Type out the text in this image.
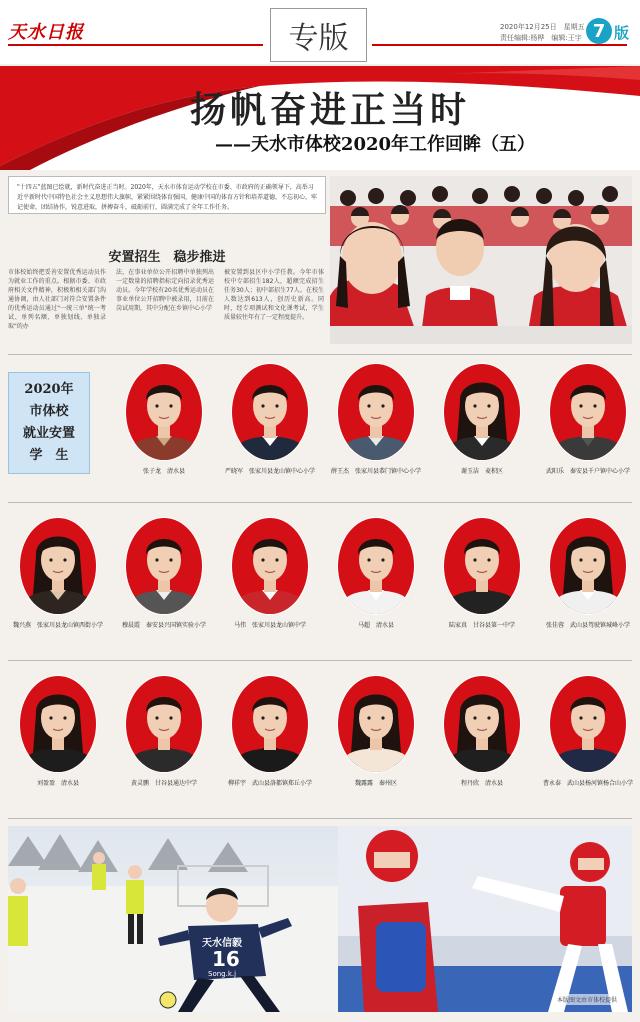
天水日报	专版	2020年12月25日　星期五
责任编辑:杨桦　编辑:王宇 7 版
扬帆奋进正当时
——天水市体校2020年工作回眸（五）
"十四五"蓝图已绘就，新时代奋进正当时。2020年，天水市体育运动学校在市委、市政府的正确领导下，高举习近平新时代中国特色社会主义思想伟大旗帜，紧紧围绕体育强国，健康中国的体育方针和培养道德，不忘初心，牢记使命，团结协作，锐意进取，拼搏奋斗，砥砺前行，圆满完成了全年工作任务。
安置招生　稳步推进
市体校始终把妥善安置优秀运动员作为就业工作的重点。根据市委、市政府相关文件精神，积极和相关部门沟通协调，由人社部门对符合安置条件的优秀运动员通过"一统三单"统一考试、单列名额、单独划线、单独录取"的办
法，在事业单位公开招聘中单独列出一定数量的招聘指标定向招录优秀运动员。今年学校有20名优秀运动员在事业单位公开招聘中被录用，目前在岗试用期，其中分配在乡镇中心小学
被安置到县区中小学任教。今年市体校中专部招生182人，超额完成招生任务30人；初中部招生77人。在校生人数达到613人，创历史新高。同时，经专项测试和文化课考试，学生质量较往年有了一定程度提升。
2020年
市体校
就业安置
学　生
张子龙　清水县	严晓军　张家川县龙山镇中心小学	薛王杰　张家川县恭门镇中心小学	谢玉洁　麦积区	武阳乐　秦安县千户镇中心小学
魏兴燕　张家川县龙山镇西街小学	穆晨霞　秦安县兴国镇实验小学	马伟　张家川县龙山镇中学	马超　清水县	陆家真　甘谷县第一中学	张佳蓉　武山县驾驶镇城峰小学
刘盈盈　清水县	黄灵鹏　甘谷县通达中学	柳祥宇　武山县洛都镇郑丘小学	魏露露　秦州区	程丹欣　清水县	曹永泰　武山县杨河镇杨合山小学
天水信毅
16
Song.k.j
本版图文由市体校提供
